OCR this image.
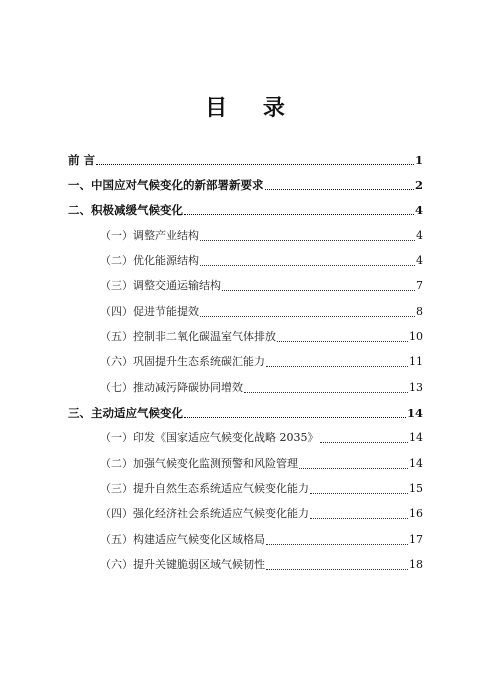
目 录
前 言	1
一、中国应对气候变化的新部署新要求	2
二、积极减缓气候变化	4
（一）调整产业结构	4
（二）优化能源结构	4
（三）调整交通运输结构	7
（四）促进节能提效	8
（五）控制非二氧化碳温室气体排放	10
（六）巩固提升生态系统碳汇能力	11
（七）推动减污降碳协同增效	13
三、主动适应气候变化	14
（一）印发《国家适应气候变化战略 2035》	14
（二）加强气候变化监测预警和风险管理	14
（三）提升自然生态系统适应气候变化能力	15
（四）强化经济社会系统适应气候变化能力	16
（五）构建适应气候变化区域格局	17
（六）提升关键脆弱区域气候韧性	18
